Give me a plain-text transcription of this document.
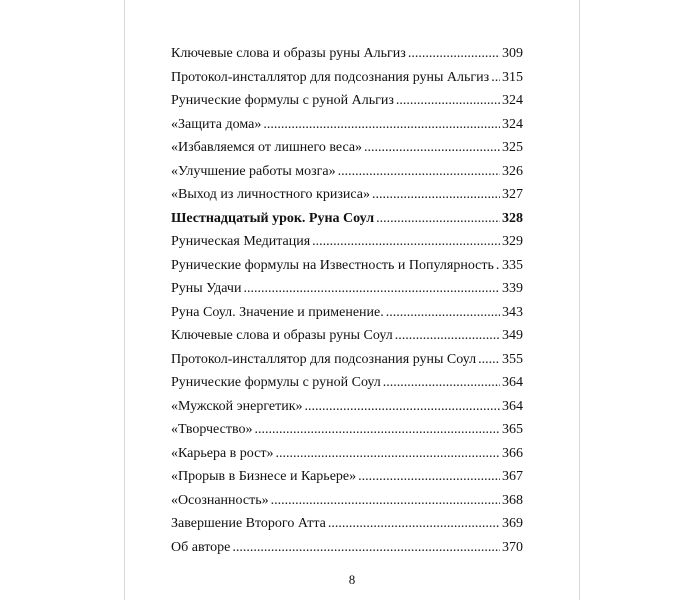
Ключевые слова и образы руны Альгиз .....	309
Протокол-инсталлятор для подсознания руны Альгиз ..... 315
Рунические формулы с руной Альгиз .....	324
«Защита дома» .....	324
«Избавляемся от лишнего веса» .....	325
«Улучшение работы мозга» .....	326
«Выход из личностного кризиса» .....	327
Шестнадцатый урок. Руна Соул .....	328
Руническая Медитация .....	329
Рунические формулы на Известность и Популярность ..... 335
Руны Удачи .....	339
Руна Соул. Значение и применение. .....	343
Ключевые слова и образы руны Соул .....	349
Протокол-инсталлятор для подсознания руны Соул ..... 355
Рунические формулы с руной Соул .....	364
«Мужской энергетик» .....	364
«Творчество» .....	365
«Карьера в рост» .....	366
«Прорыв в Бизнесе и Карьере» .....	367
«Осознанность» .....	368
Завершение Второго Атта .....	369
Об авторе .....	370
8
